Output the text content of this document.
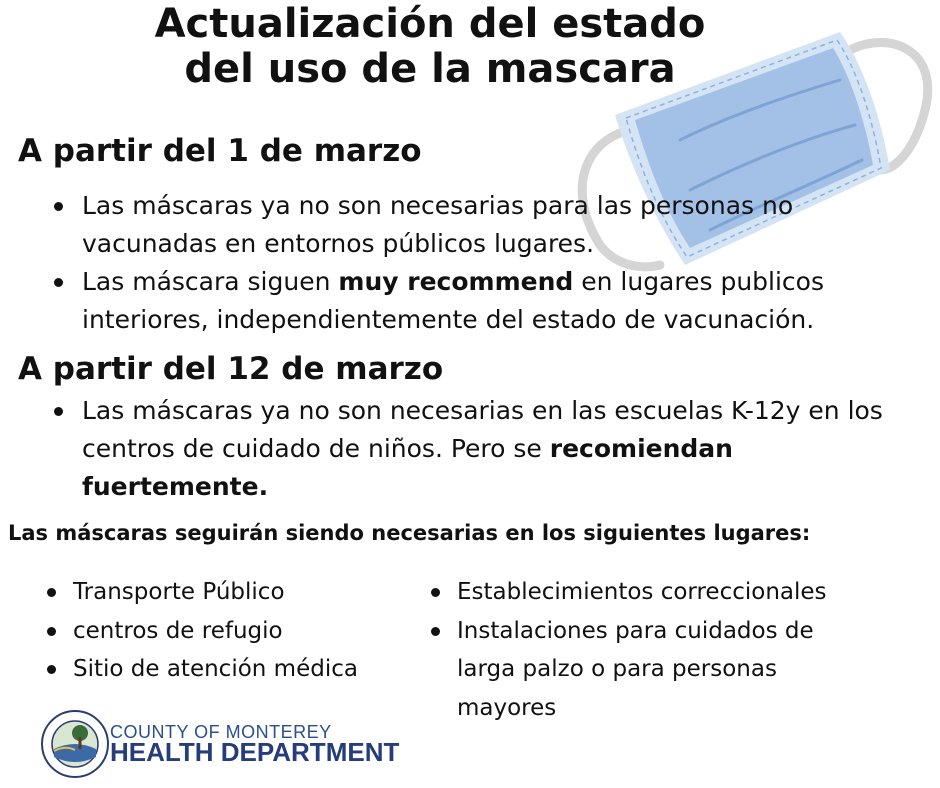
Actualización del estado
del uso de la mascara
A partir del 1 de marzo
Las máscaras ya no son necesarias para las personas no vacunadas en entornos públicos lugares.
Las máscara siguen muy recommend en lugares publicos interiores, independientemente del estado de vacunación.
A partir del 12 de marzo
Las máscaras ya no son necesarias en las escuelas K-12y en los centros de cuidado de niños. Pero se recomiendan fuertemente.
Las máscaras seguirán siendo necesarias en los siguientes lugares:
Transporte Público
centros de refugio
Sitio de atención médica
Establecimientos correccionales
Instalaciones para cuidados de larga palzo o para personas mayores
COUNTY OF MONTEREY
HEALTH DEPARTMENT
